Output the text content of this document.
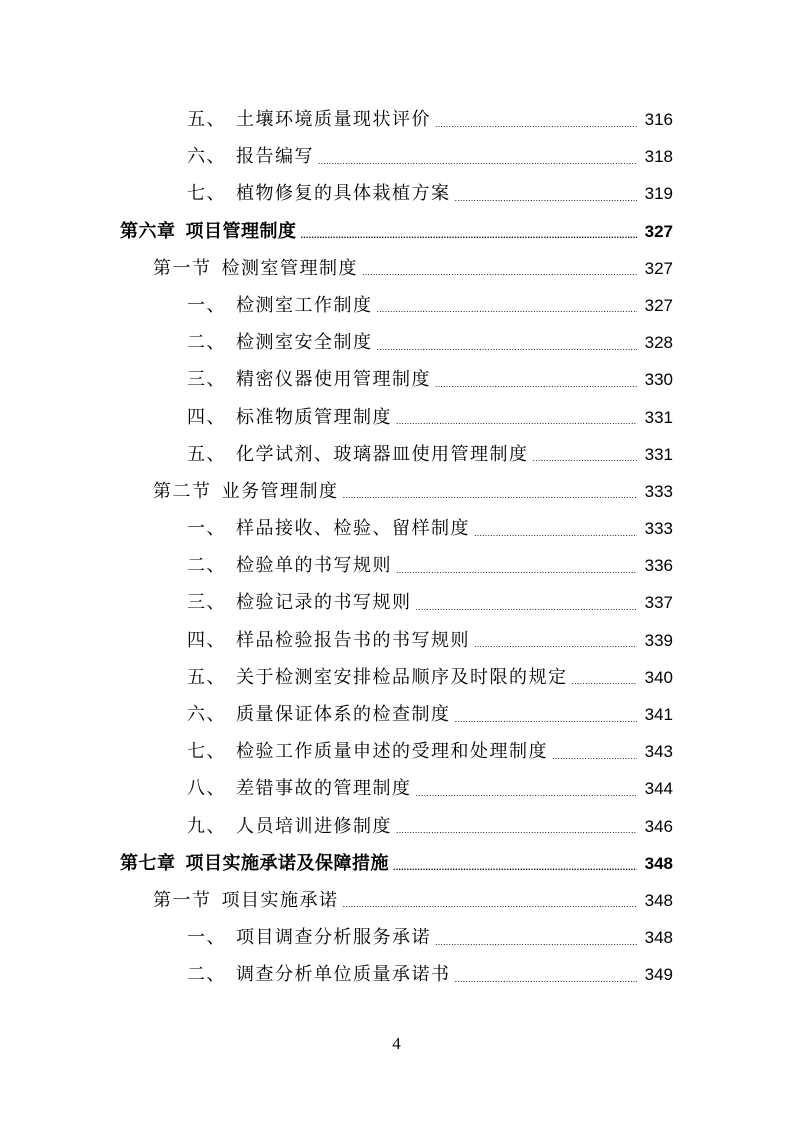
五、 土壤环境质量现状评价 . . .	316
六、 报告编写 . . .	318
七、 植物修复的具体栽植方案 . . .	319
第六章 项目管理制度 . . .	327
第一节 检测室管理制度 . . .	327
一、 检测室工作制度 . . .	327
二、 检测室安全制度 . . .	328
三、 精密仪器使用管理制度 . . .	330
四、 标准物质管理制度 . . .	331
五、 化学试剂、玻璃器皿使用管理制度 . . .	331
第二节 业务管理制度 . . .	333
一、 样品接收、检验、留样制度 . . .	333
二、 检验单的书写规则 . . .	336
三、 检验记录的书写规则 . . .	337
四、 样品检验报告书的书写规则 . . .	339
五、 关于检测室安排检品顺序及时限的规定 . . .	340
六、 质量保证体系的检查制度 . . .	341
七、 检验工作质量申述的受理和处理制度 . . .	343
八、 差错事故的管理制度 . . .	344
九、 人员培训进修制度 . . .	346
第七章 项目实施承诺及保障措施 . . .	348
第一节 项目实施承诺 . . .	348
一、 项目调查分析服务承诺 . . .	348
二、 调查分析单位质量承诺书 . . .	349
4
